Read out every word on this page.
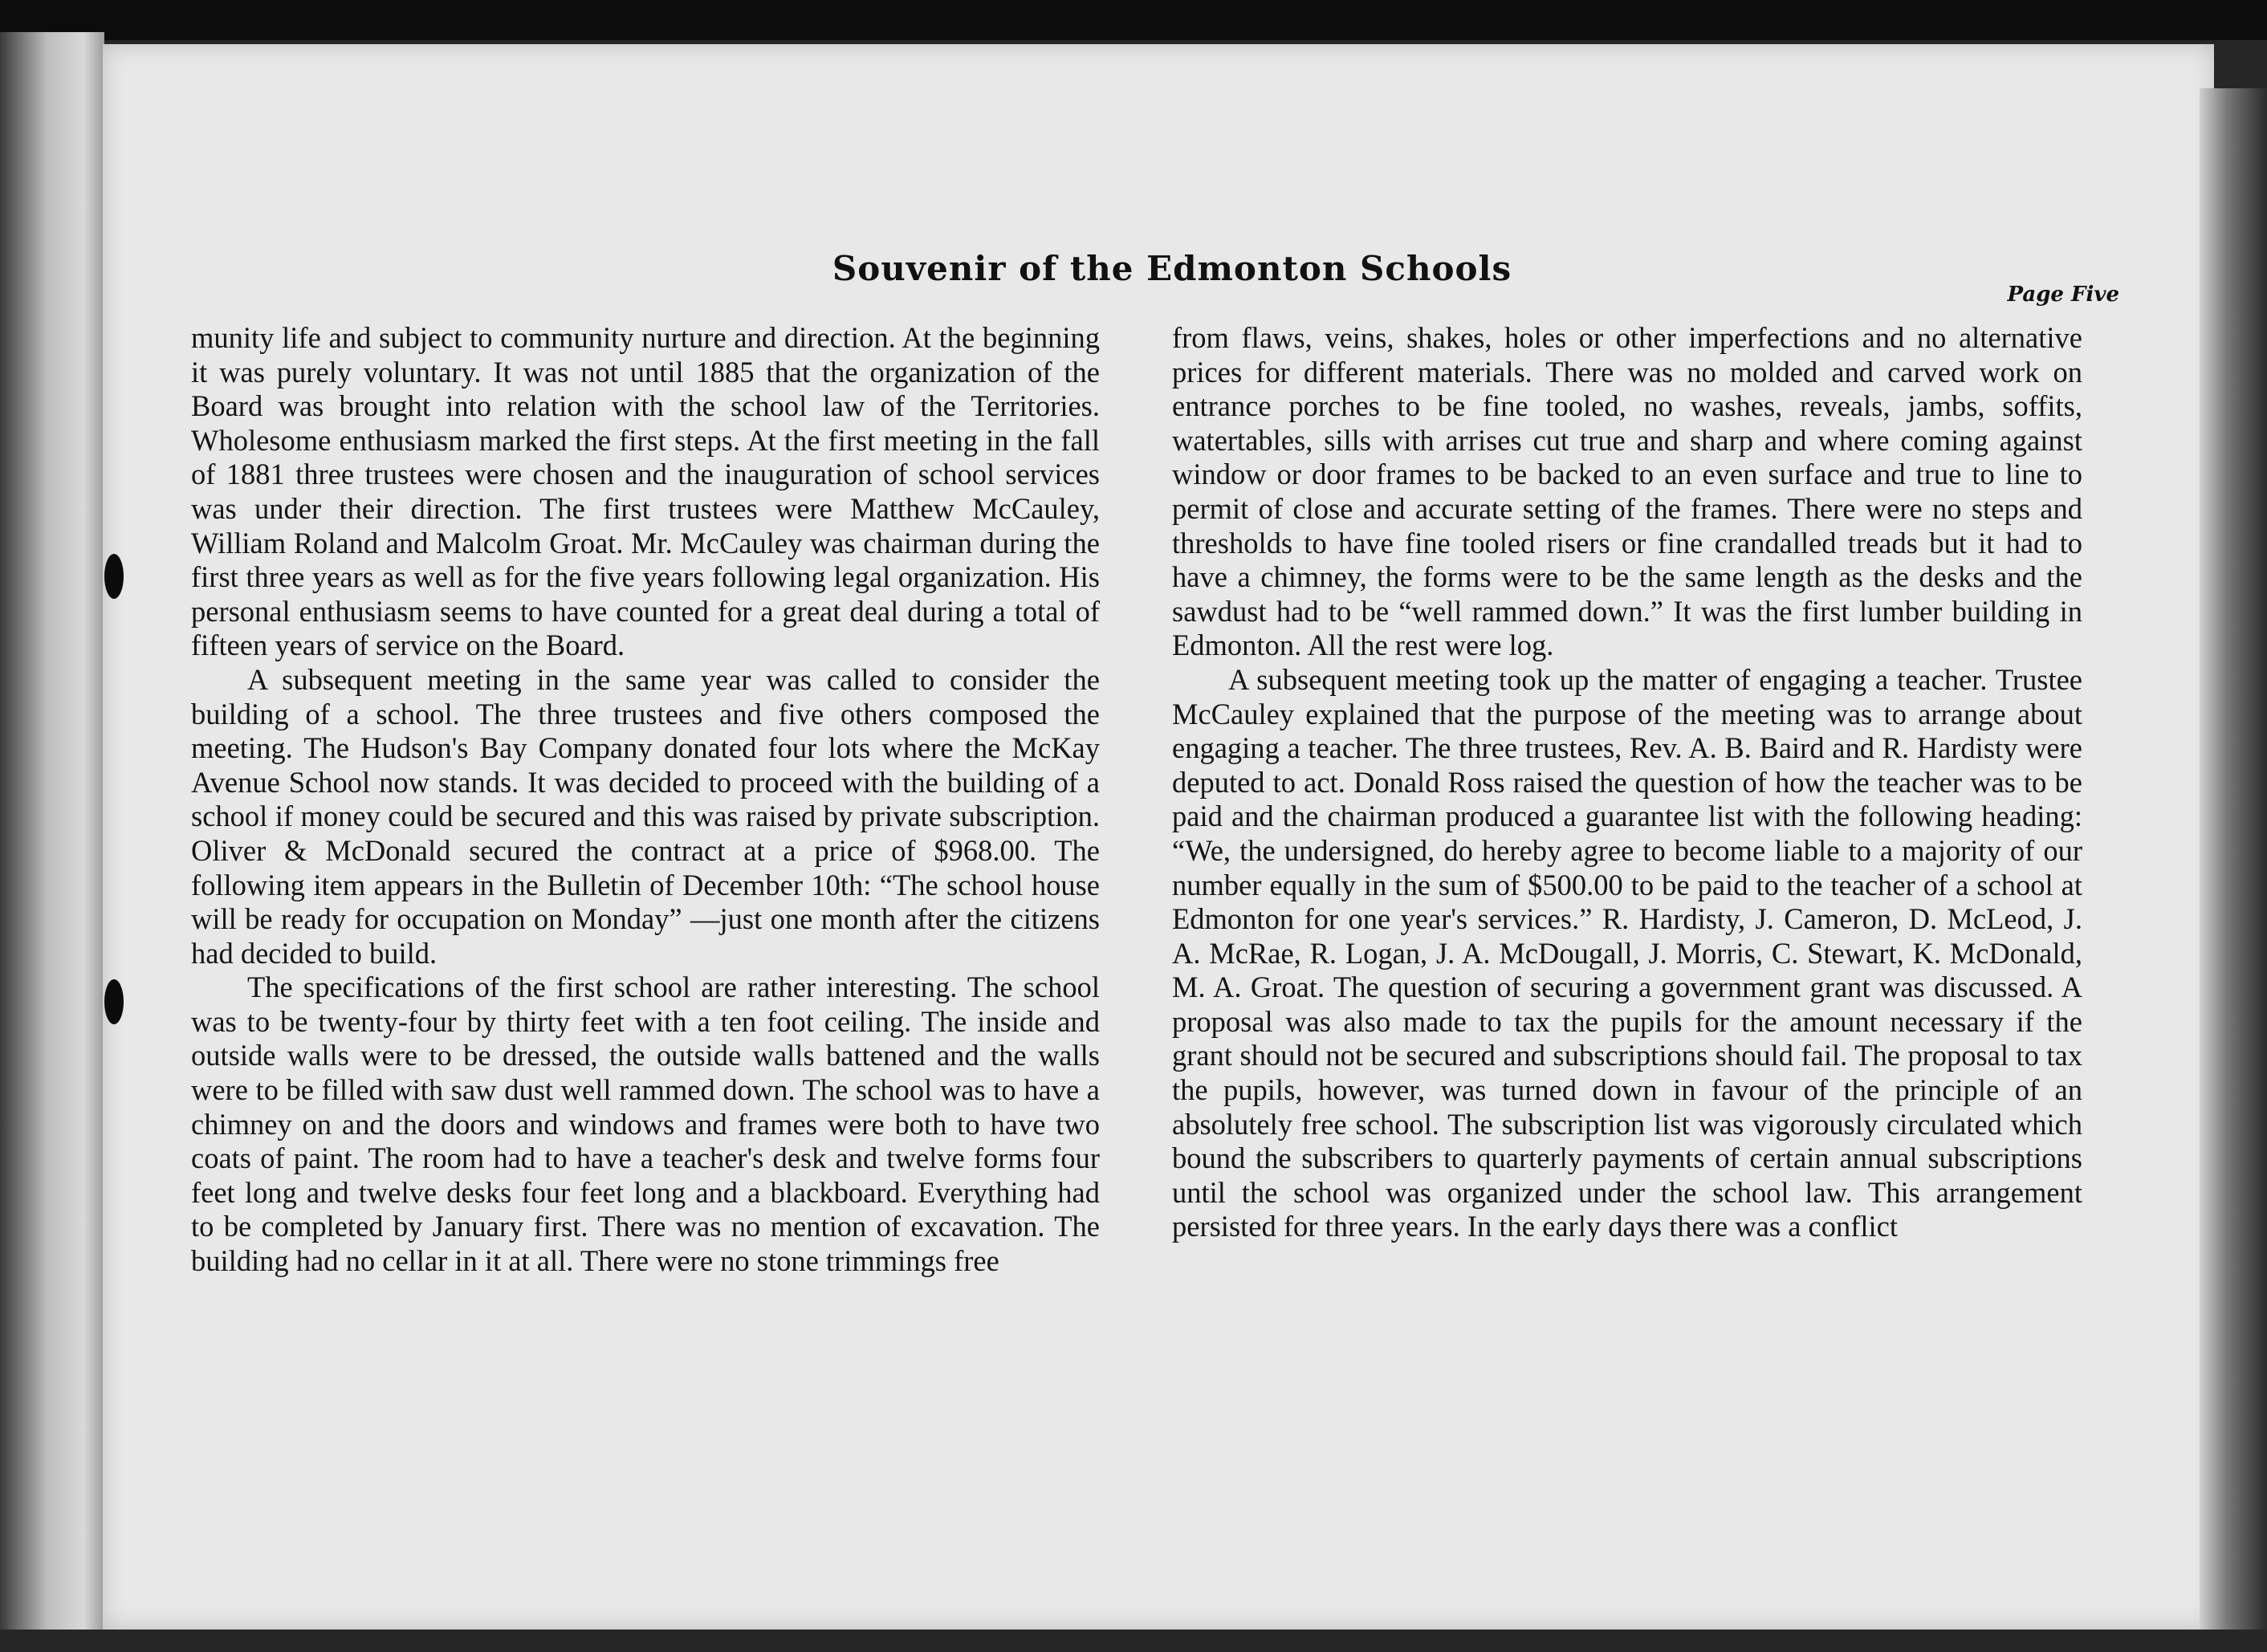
Souvenir of the Edmonton Schools
Page Five

munity life and subject to community nurture and direction. At the beginning it was purely voluntary. It was not until 1885 that the organization of the Board was brought into relation with the school law of the Territories. Wholesome enthusiasm marked the first steps. At the first meeting in the fall of 1881 three trustees were chosen and the inauguration of school services was under their direction. The first trustees were Matthew McCauley, William Roland and Malcolm Groat. Mr. McCauley was chairman during the first three years as well as for the five years following legal organization. His personal enthusiasm seems to have counted for a great deal during a total of fifteen years of service on the Board.

A subsequent meeting in the same year was called to consider the building of a school. The three trustees and five others composed the meeting. The Hudson's Bay Company donated four lots where the McKay Avenue School now stands. It was decided to proceed with the building of a school if money could be secured and this was raised by private subscription. Oliver & McDonald secured the contract at a price of $968.00. The following item appears in the Bulletin of December 10th: “The school house will be ready for occupation on Monday” —just one month after the citizens had decided to build.

The specifications of the first school are rather interesting. The school was to be twenty-four by thirty feet with a ten foot ceiling. The inside and outside walls were to be dressed, the outside walls battened and the walls were to be filled with saw dust well rammed down. The school was to have a chimney on and the doors and windows and frames were both to have two coats of paint. The room had to have a teacher's desk and twelve forms four feet long and twelve desks four feet long and a blackboard. Everything had to be completed by January first. There was no mention of excavation. The building had no cellar in it at all. There were no stone trimmings free

from flaws, veins, shakes, holes or other imperfections and no alternative prices for different materials. There was no molded and carved work on entrance porches to be fine tooled, no washes, reveals, jambs, soffits, watertables, sills with arrises cut true and sharp and where coming against window or door frames to be backed to an even surface and true to line to permit of close and accurate setting of the frames. There were no steps and thresholds to have fine tooled risers or fine crandalled treads but it had to have a chimney, the forms were to be the same length as the desks and the sawdust had to be “well rammed down.” It was the first lumber building in Edmonton. All the rest were log.

A subsequent meeting took up the matter of engaging a teacher. Trustee McCauley explained that the purpose of the meeting was to arrange about engaging a teacher. The three trustees, Rev. A. B. Baird and R. Hardisty were deputed to act. Donald Ross raised the question of how the teacher was to be paid and the chairman produced a guarantee list with the following heading: “We, the undersigned, do hereby agree to become liable to a majority of our number equally in the sum of $500.00 to be paid to the teacher of a school at Edmonton for one year's services.” R. Hardisty, J. Cameron, D. McLeod, J. A. McRae, R. Logan, J. A. McDougall, J. Morris, C. Stewart, K. McDonald, M. A. Groat. The question of securing a government grant was discussed. A proposal was also made to tax the pupils for the amount necessary if the grant should not be secured and subscriptions should fail. The proposal to tax the pupils, however, was turned down in favour of the principle of an absolutely free school. The subscription list was vigorously circulated which bound the subscribers to quarterly payments of certain annual subscriptions until the school was organized under the school law. This arrangement persisted for three years. In the early days there was a conflict
